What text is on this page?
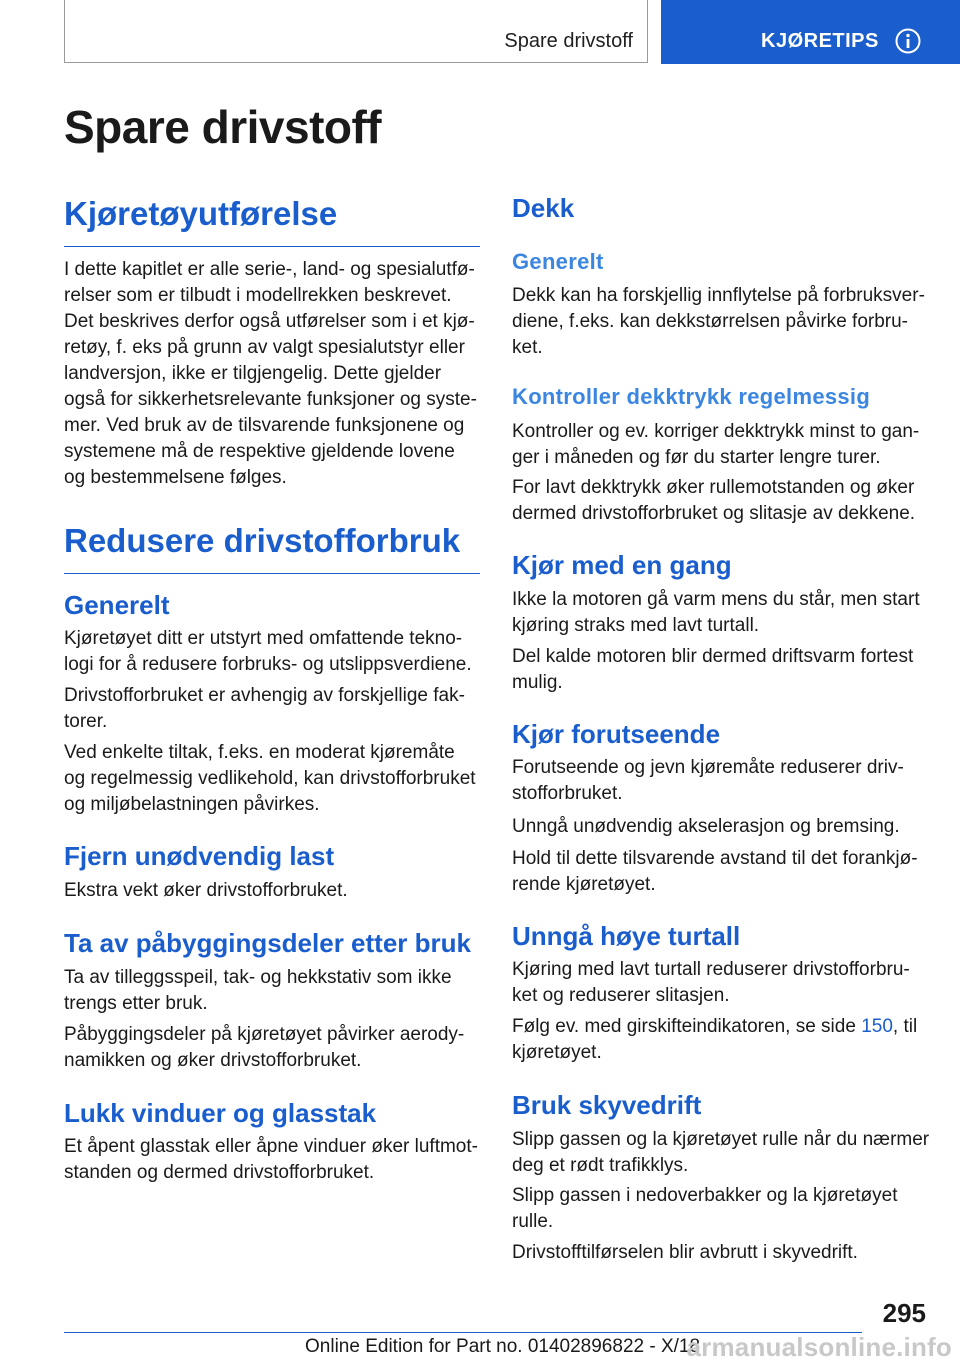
Spare drivstoff	KJØRETIPS
Spare drivstoff
Kjøretøyutførelse

I dette kapitlet er alle serie-, land- og spesialutfø-
relser som er tilbudt i modellrekken beskrevet.
Det beskrives derfor også utførelser som i et kjø-
retøy, f. eks på grunn av valgt spesialutstyr eller
landversjon, ikke er tilgjengelig. Dette gjelder
også for sikkerhetsrelevante funksjoner og syste-
mer. Ved bruk av de tilsvarende funksjonene og
systemene må de respektive gjeldende lovene
og bestemmelsene følges.

Redusere drivstofforbruk
Generelt

Kjøretøyet ditt er utstyrt med omfattende tekno-
logi for å redusere forbruks- og utslippsverdiene.

Drivstofforbruket er avhengig av forskjellige fak-
torer.

Ved enkelte tiltak, f.eks. en moderat kjøremåte
og regelmessig vedlikehold, kan drivstofforbruket
og miljøbelastningen påvirkes.

Fjern unødvendig last

Ekstra vekt øker drivstofforbruket.

Ta av påbyggingsdeler etter bruk

Ta av tilleggsspeil, tak- og hekkstativ som ikke
trengs etter bruk.

Påbyggingsdeler på kjøretøyet påvirker aerody-
namikken og øker drivstofforbruket.

Lukk vinduer og glasstak

Et åpent glasstak eller åpne vinduer øker luftmot-
standen og dermed drivstofforbruket.

Dekk
Generelt

Dekk kan ha forskjellig innflytelse på forbruksver-
diene, f.eks. kan dekkstørrelsen påvirke forbru-
ket.

Kontroller dekktrykk regelmessig

Kontroller og ev. korriger dekktrykk minst to gan-
ger i måneden og før du starter lengre turer.

For lavt dekktrykk øker rullemotstanden og øker
dermed drivstofforbruket og slitasje av dekkene.

Kjør med en gang

Ikke la motoren gå varm mens du står, men start
kjøring straks med lavt turtall.

Del kalde motoren blir dermed driftsvarm fortest
mulig.

Kjør forutseende

Forutseende og jevn kjøremåte reduserer driv-
stofforbruket.

Unngå unødvendig akselerasjon og bremsing.

Hold til dette tilsvarende avstand til det forankjø-
rende kjøretøyet.

Unngå høye turtall

Kjøring med lavt turtall reduserer drivstofforbru-
ket og reduserer slitasjen.

Følg ev. med girskifteindikatoren, se side 150, til
kjøretøyet.

Bruk skyvedrift

Slipp gassen og la kjøretøyet rulle når du nærmer
deg et rødt trafikklys.

Slipp gassen i nedoverbakker og la kjøretøyet
rulle.

Drivstofftilførselen blir avbrutt i skyvedrift.

295
Online Edition for Part no. 01402896822 - X/18
armanualsonline.info
